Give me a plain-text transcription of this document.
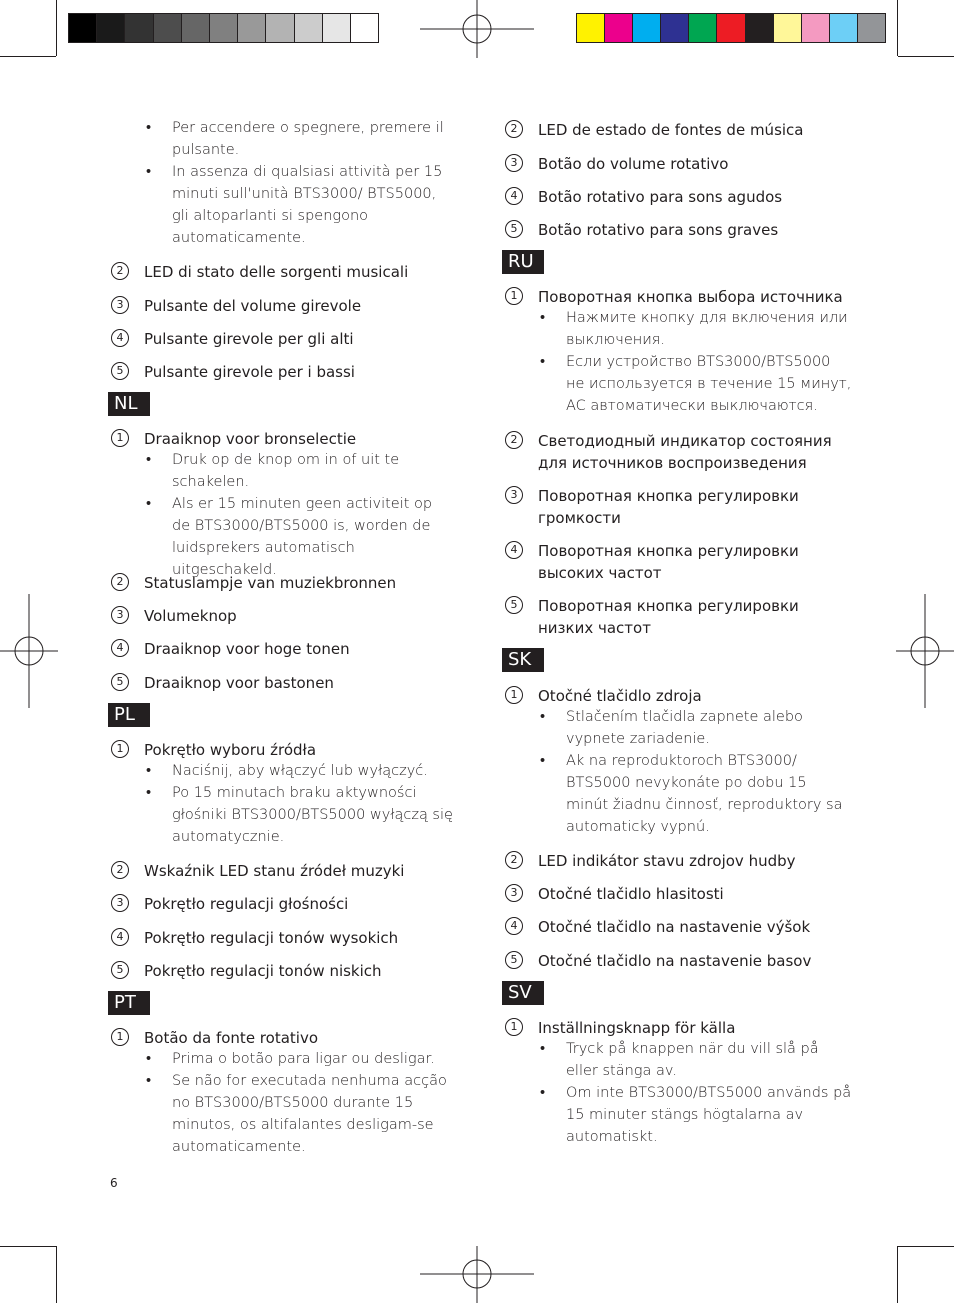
• Per accendere o spegnere, premere il pulsante.
• In assenza di qualsiasi attività per 15 minuti sull'unità BTS3000/ BTS5000, gli altoparlanti si spengono automaticamente.
2	LED di stato delle sorgenti musicali
3	Pulsante del volume girevole
4	Pulsante girevole per gli alti
5	Pulsante girevole per i bassi
NL
1	Draaiknop voor bronselectie
• Druk op de knop om in of uit te schakelen.
• Als er 15 minuten geen activiteit op de BTS3000/BTS5000 is, worden de luidsprekers automatisch uitgeschakeld.
2	Statuslampje van muziekbronnen
3	Volumeknop
4	Draaiknop voor hoge tonen
5	Draaiknop voor bastonen
PL
1	Pokrętło wyboru źródła
• Naciśnij, aby włączyć lub wyłączyć.
• Po 15 minutach braku aktywności głośniki BTS3000/BTS5000 wyłączą się automatycznie.
2	Wskaźnik LED stanu źródeł muzyki
3	Pokrętło regulacji głośności
4	Pokrętło regulacji tonów wysokich
5	Pokrętło regulacji tonów niskich
PT
1	Botão da fonte rotativo
• Prima o botão para ligar ou desligar.
• Se não for executada nenhuma acção no BTS3000/BTS5000 durante 15 minutos, os altifalantes desligam-se automaticamente.
2	LED de estado de fontes de música
3	Botão do volume rotativo
4	Botão rotativo para sons agudos
5	Botão rotativo para sons graves
RU
1	Поворотная кнопка выбора источника
• Нажмите кнопку для включения или выключения.
• Если устройство BTS3000/BTS5000 не используется в течение 15 минут, AC автоматически выключаются.
2	Светодиодный индикатор состояния для источников воспроизведения
3	Поворотная кнопка регулировки громкости
4	Поворотная кнопка регулировки высоких частот
5	Поворотная кнопка регулировки низких частот
SK
1	Otočné tlačidlo zdroja
• Stlačením tlačidla zapnete alebo vypnete zariadenie.
• Ak na reproduktoroch BTS3000/ BTS5000 nevykonáte po dobu 15 minút žiadnu činnosť, reproduktory sa automaticky vypnú.
2	LED indikátor stavu zdrojov hudby
3	Otočné tlačidlo hlasitosti
4	Otočné tlačidlo na nastavenie výšok
5	Otočné tlačidlo na nastavenie basov
SV
1	Inställningsknapp för källa
• Tryck på knappen när du vill slå på eller stänga av.
• Om inte BTS3000/BTS5000 används på 15 minuter stängs högtalarna av automatiskt.
6
